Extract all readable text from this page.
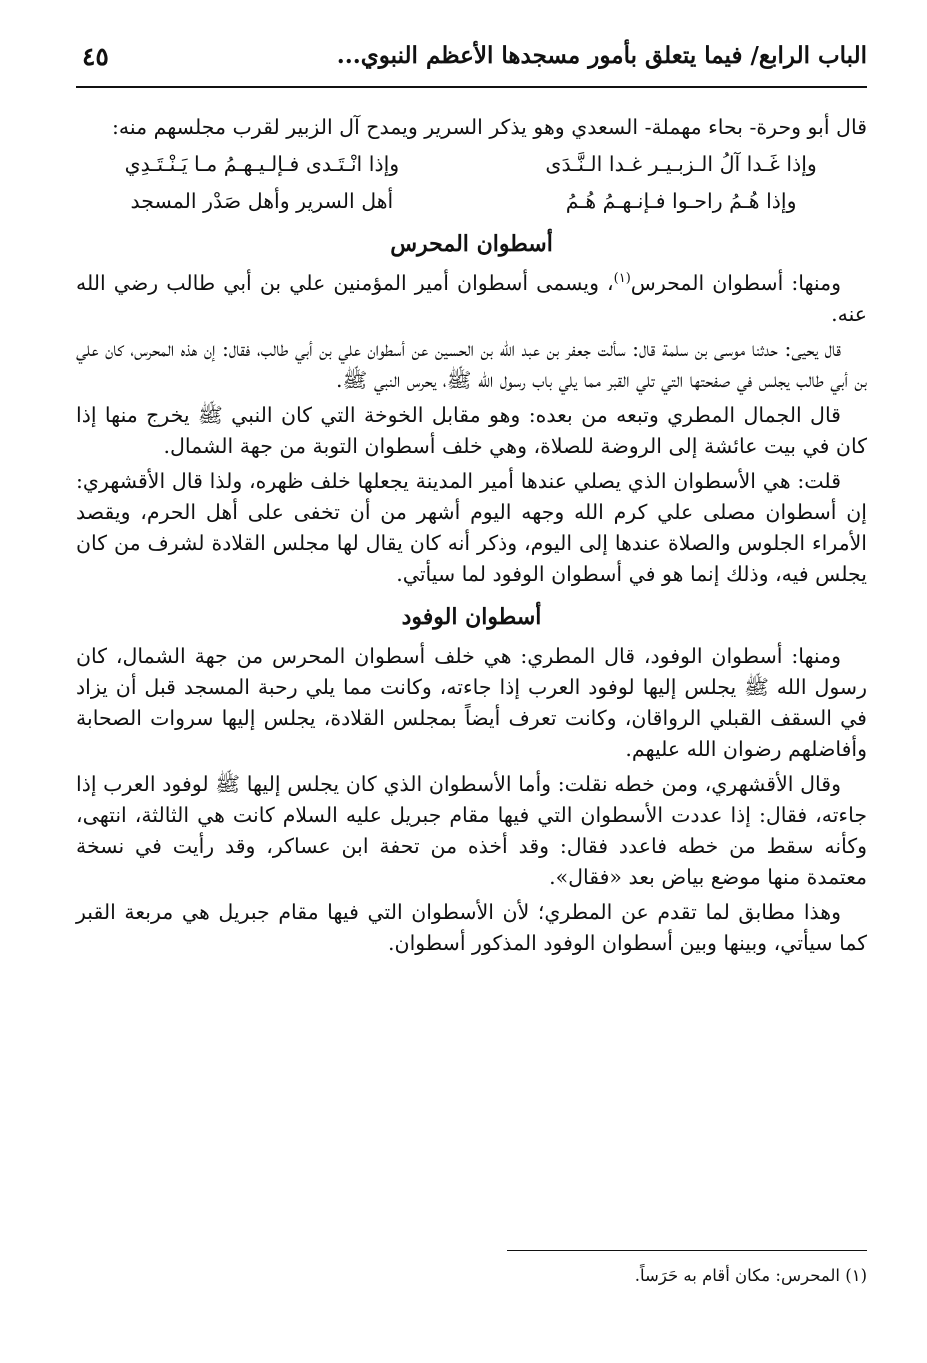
الباب الرابع/ فيما يتعلق بأمور مسجدها الأعظم النبوي...
٤٥

قال أبو وحرة- بحاء مهملة- السعدي وهو يذكر السرير ويمدح آل الزبير لقرب مجلسهم منه:

وإذا غَـدا آلُ الـزبـيـر غـدا الـنَّـدَى
وإذا انْـتَـدى فـإلـيـهـمُ مـا يَـنْـتَـدِي
وإذا هُـمُ راحـوا فـإنـهـمُ هُـمُ
أهل السرير وأهل صَدْر المسجد
أسطوان المحرس

ومنها: أسطوان المحرس$^{(١)}$، ويسمى أسطوان أمير المؤمنين علي بن أبي طالب رضي الله عنه.

قال يحيى: حدثنا موسى بن سلمة قال: سألت جعفر بن عبد الله بن الحسين عن أسطوان علي بن أبي طالب، فقال: إن هذه المحرس، كان علي بن أبي طالب يجلس في صفحتها التي تلي القبر مما يلي باب رسول الله ﷺ، يحرس النبي ﷺ.

قال الجمال المطري وتبعه من بعده: وهو مقابل الخوخة التي كان النبي ﷺ يخرج منها إذا كان في بيت عائشة إلى الروضة للصلاة، وهي خلف أسطوان التوبة من جهة الشمال.

قلت: هي الأسطوان الذي يصلي عندها أمير المدينة يجعلها خلف ظهره، ولذا قال الأقشهري: إن أسطوان مصلى علي كرم الله وجهه اليوم أشهر من أن تخفى على أهل الحرم، ويقصد الأمراء الجلوس والصلاة عندها إلى اليوم، وذكر أنه كان يقال لها مجلس القلادة لشرف من كان يجلس فيه، وذلك إنما هو في أسطوان الوفود لما سيأتي.

أسطوان الوفود

ومنها: أسطوان الوفود، قال المطري: هي خلف أسطوان المحرس من جهة الشمال، كان رسول الله ﷺ يجلس إليها لوفود العرب إذا جاءته، وكانت مما يلي رحبة المسجد قبل أن يزاد في السقف القبلي الرواقان، وكانت تعرف أيضاً بمجلس القلادة، يجلس إليها سروات الصحابة وأفاضلهم رضوان الله عليهم.

وقال الأقشهري، ومن خطه نقلت: وأما الأسطوان الذي كان يجلس إليها ﷺ لوفود العرب إذا جاءته، فقال: إذا عددت الأسطوان التي فيها مقام جبريل عليه السلام كانت هي الثالثة، انتهى، وكأنه سقط من خطه فاعدد فقال: وقد أخذه من تحفة ابن عساكر، وقد رأيت في نسخة معتمدة منها موضع بياض بعد «فقال».

وهذا مطابق لما تقدم عن المطري؛ لأن الأسطوان التي فيها مقام جبريل هي مربعة القبر كما سيأتي، وبينها وبين أسطوان الوفود المذكور أسطوان.

(١) المحرس: مكان أقام به حَرَساً.
